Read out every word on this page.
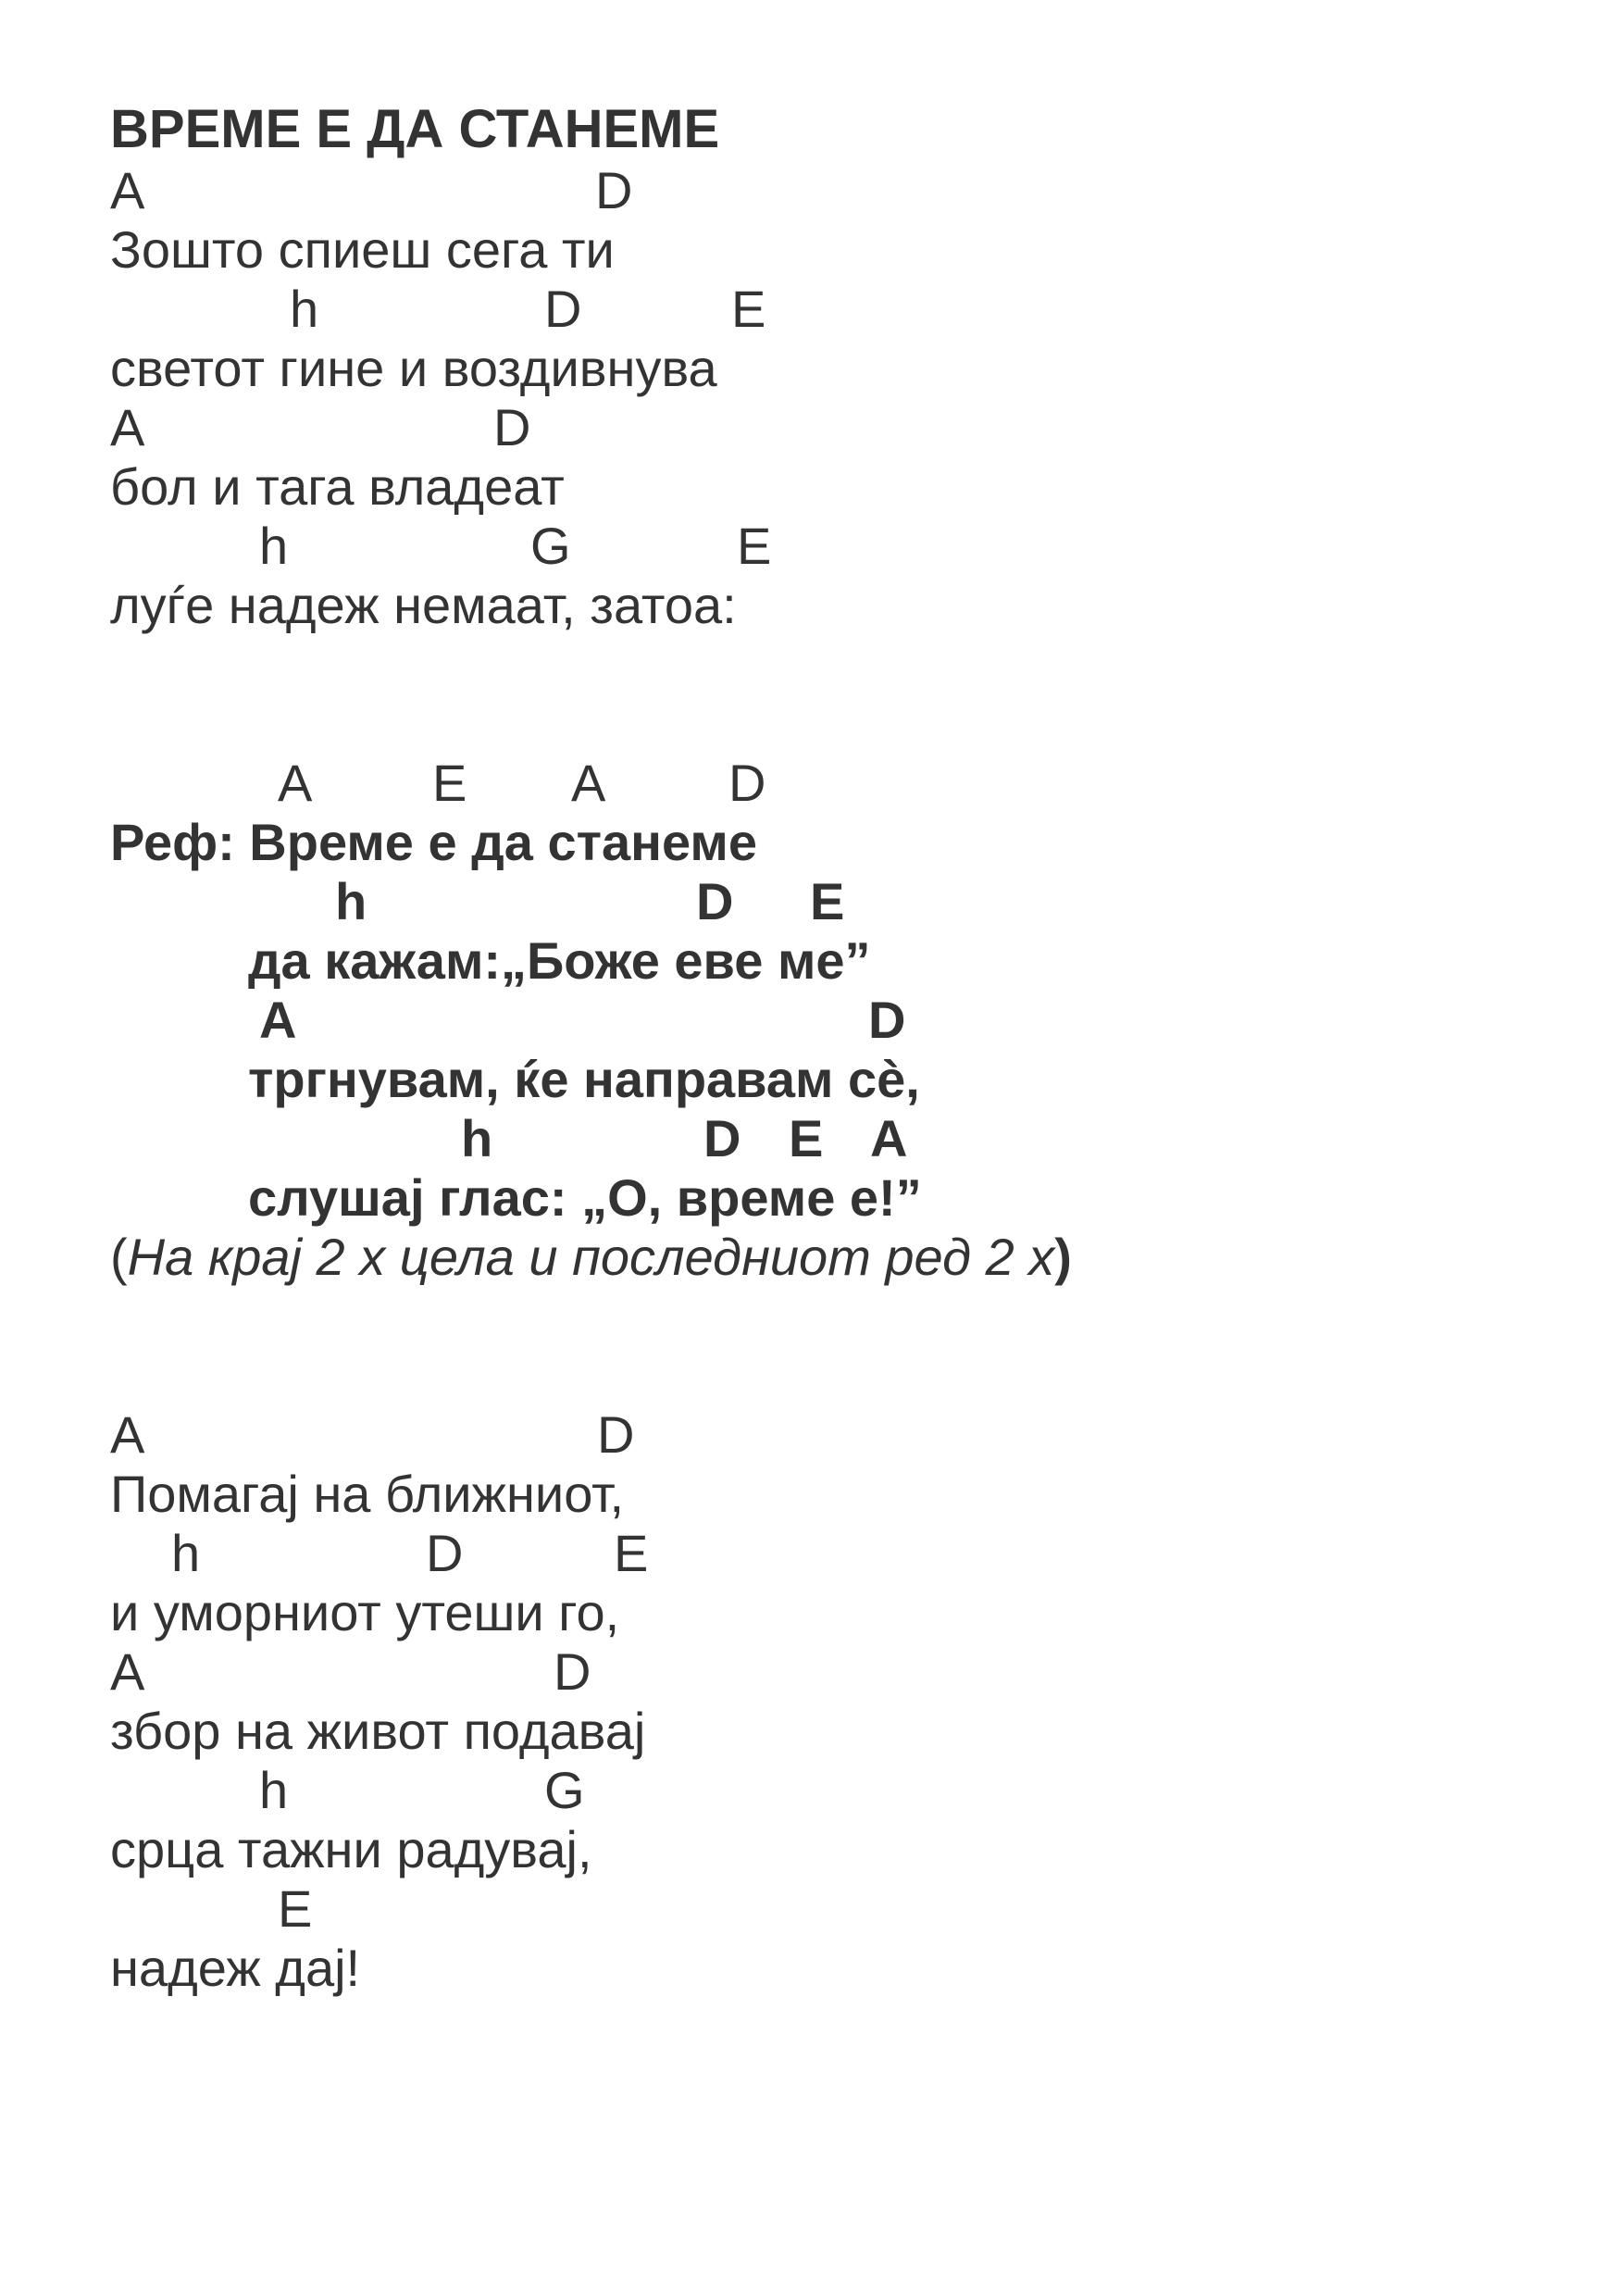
ВРЕМЕ Е ДА СТАНЕМЕ
A	D
Зошто спиеш сега ти
h	D	E
светот гине и воздивнува
A	D
бол и тага владеат
h	G	E
луѓе надеж немаат, затоа:
A E A D
Реф: Време е да станеме
h	D E
да кажам:„Боже еве ме”
A	D
тргнувам, ќе направам сè,
h	D E A
слушај глас: „О, време е!”
(На крај 2 х цела и последниот ред 2 х)
A	D
Помагај на ближниот,
h	D	E
и уморниот утеши го,
A	D
збор на живот подавај
h	G
срца тажни радувај,
E
надеж дај!
